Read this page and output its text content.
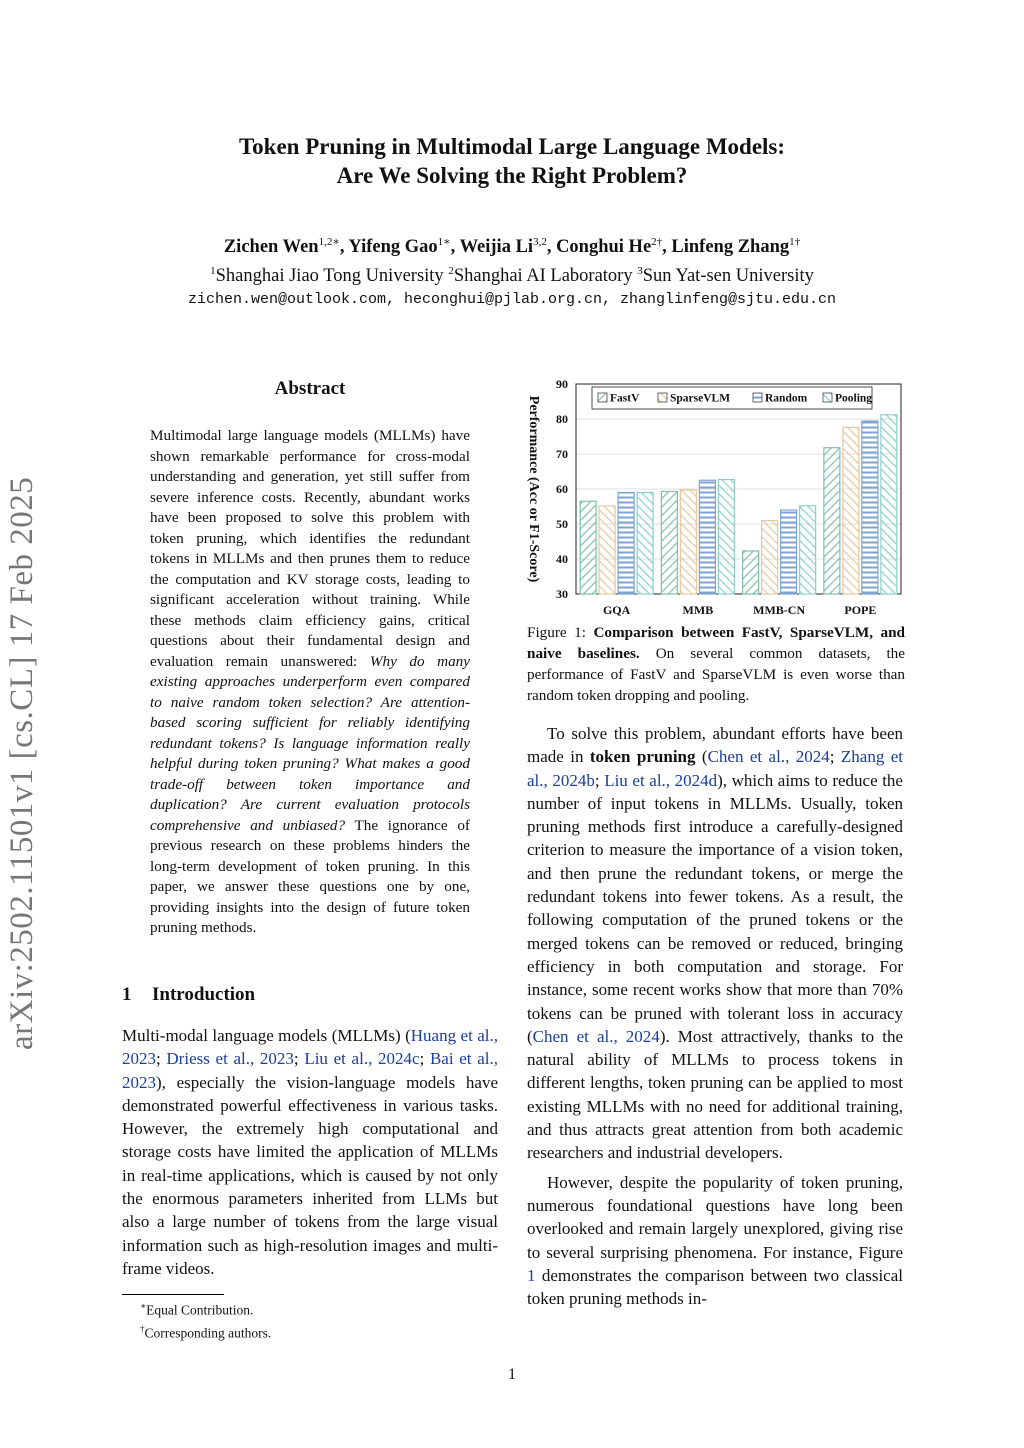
Token Pruning in Multimodal Large Language Models:
Are We Solving the Right Problem?
Zichen Wen$^{1,2∗}$, Yifeng Gao$^{1∗}$, Weijia Li$^{3,2}$, Conghui $He^{2\dagger}$, Linfeng Zhang$^{1\dagger}$
$^1$Shanghai Jiao Tong University $^2$Shanghai AI Laboratory $^3$Sun Yat-sen University
zichen.wen@outlook.com, heconghui@pjlab.org.cn, zhanglinfeng@sjtu.edu.cn
arXiv:2502.11501v1 [cs.CL] 17 Feb 2025
Abstract
Multimodal large language models (MLLMs) have shown remarkable performance for cross-modal understanding and generation, yet still suffer from severe inference costs. Recently, abundant works have been proposed to solve this problem with token pruning, which identifies the redundant tokens in MLLMs and then prunes them to reduce the computation and KV storage costs, leading to significant acceleration without training. While these methods claim efficiency gains, critical questions about their fundamental design and evaluation remain unanswered: Why do many existing approaches underperform even compared to naive random token selection? Are attention-based scoring sufficient for reliably identifying redundant tokens? Is language information really helpful during token pruning? What makes a good trade-off between token importance and duplication? Are current evaluation protocols comprehensive and unbiased? The ignorance of previous research on these problems hinders the long-term development of token pruning. In this paper, we answer these questions one by one, providing insights into the design of future token pruning methods.
1 Introduction
Multi-modal language models (MLLMs) (Huang et al., 2023; Driess et al., 2023; Liu et al., 2024c; Bai et al., 2023), especially the vision-language models have demonstrated powerful effectiveness in various tasks. However, the extremely high computational and storage costs have limited the application of MLLMs in real-time applications, which is caused by not only the enormous parameters inherited from LLMs but also a large number of tokens from the large visual information such as high-resolution images and multi-frame videos.
30
40
50
60
70
80
90
GQA	MMB	MMB-CN	POPE
Performance (Acc or F1-Score)	FastV	SparseVLM	Random Pooling
Figure 1: Comparison between FastV, SparseVLM, and naive baselines. On several common datasets, the performance of FastV and SparseVLM is even worse than random token dropping and pooling.

To solve this problem, abundant efforts have been made in token pruning (Chen et al., 2024; Zhang et al., 2024b; Liu et al., 2024d), which aims to reduce the number of input tokens in MLLMs. Usually, token pruning methods first introduce a carefully-designed criterion to measure the importance of a vision token, and then prune the redundant tokens, or merge the redundant tokens into fewer tokens. As a result, the following computation of the pruned tokens or the merged tokens can be removed or reduced, bringing efficiency in both computation and storage. For instance, some recent works show that more than 70% tokens can be pruned with tolerant loss in accuracy (Chen et al., 2024). Most attractively, thanks to the natural ability of MLLMs to process tokens in different lengths, token pruning can be applied to most existing MLLMs with no need for additional training, and thus attracts great attention from both academic researchers and industrial developers.

However, despite the popularity of token pruning, numerous foundational questions have long been overlooked and remain largely unexplored, giving rise to several surprising phenomena. For instance, Figure 1 demonstrates the comparison between two classical token pruning methods in-

∗Equal Contribution.
†Corresponding authors.
1
